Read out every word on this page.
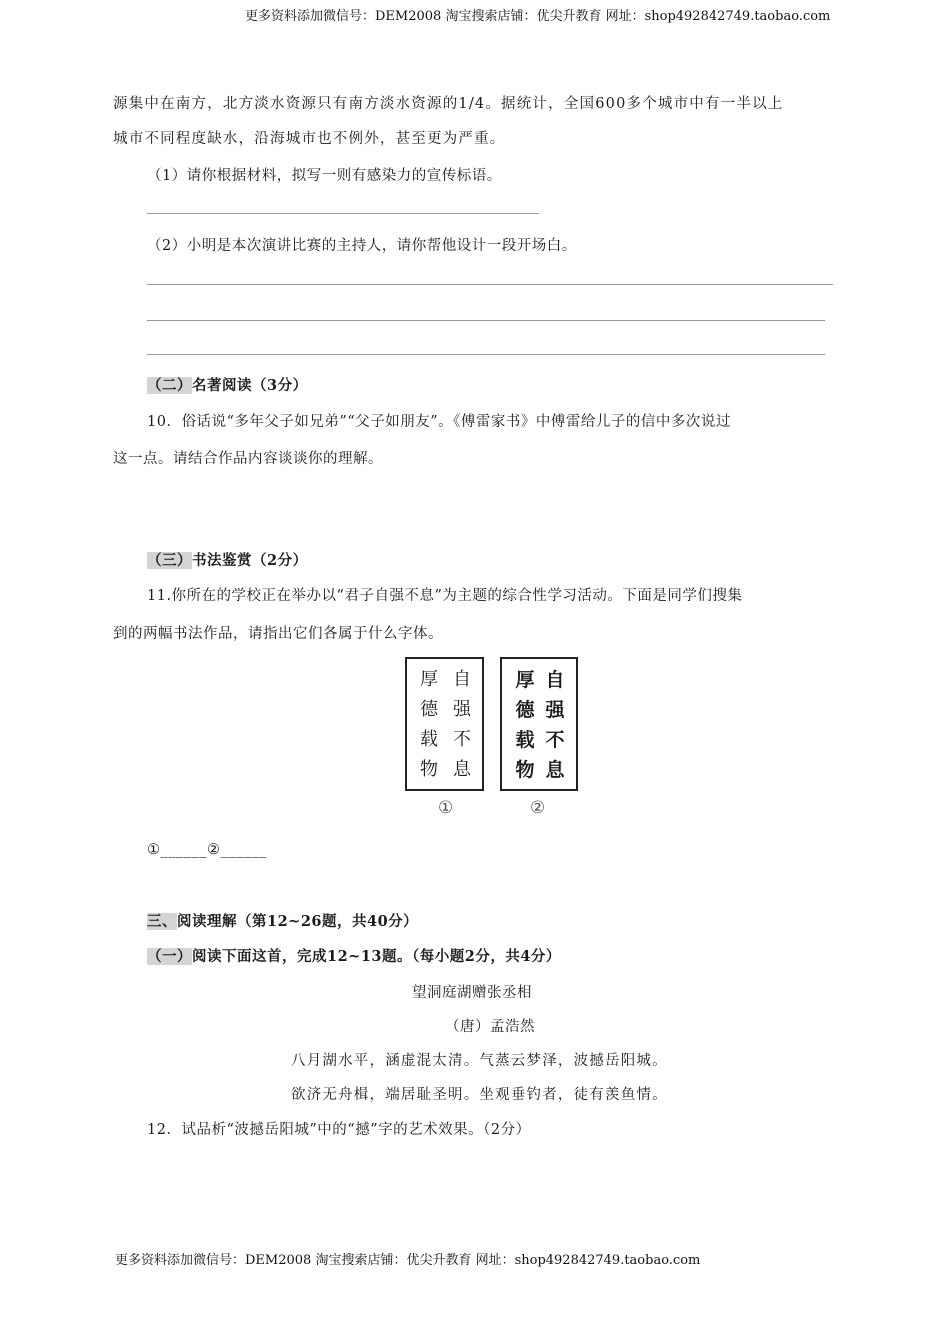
更多资料添加微信号：DEM2008 淘宝搜索店铺：优尖升教育 网址：shop492842749.taobao.com
源集中在南方，北方淡水资源只有南方淡水资源的1/4。据统计，全国600多个城市中有一半以上
城市不同程度缺水，沿海城市也不例外，甚至更为严重。
（1）请你根据材料，拟写一则有感染力的宣传标语。
（2）小明是本次演讲比赛的主持人，请你帮他设计一段开场白。
（二）名著阅读（3分）
10．俗话说“多年父子如兄弟”“父子如朋友”。《傅雷家书》中傅雷给儿子的信中多次说过
这一点。请结合作品内容谈谈你的理解。
（三）书法鉴赏（2分）
11.你所在的学校正在举办以“君子自强不息”为主题的综合性学习活动。下面是同学们搜集
到的两幅书法作品，请指出它们各属于什么字体。
厚
德
载
物
自
强
不
息
①
厚
德
载
物
自
强
不
息
②
①______②______
三、阅读理解（第12~26题，共40分）
（一）阅读下面这首，完成12~13题。（每小题2分，共4分）
望洞庭湖赠张丞相
（唐）孟浩然
八月湖水平，涵虚混太清。气蒸云梦泽，波撼岳阳城。
欲济无舟楫，端居耻圣明。坐观垂钓者，徒有羡鱼情。
12．试品析“波撼岳阳城”中的“撼”字的艺术效果。（2分）
更多资料添加微信号：DEM2008 淘宝搜索店铺：优尖升教育 网址：shop492842749.taobao.com
